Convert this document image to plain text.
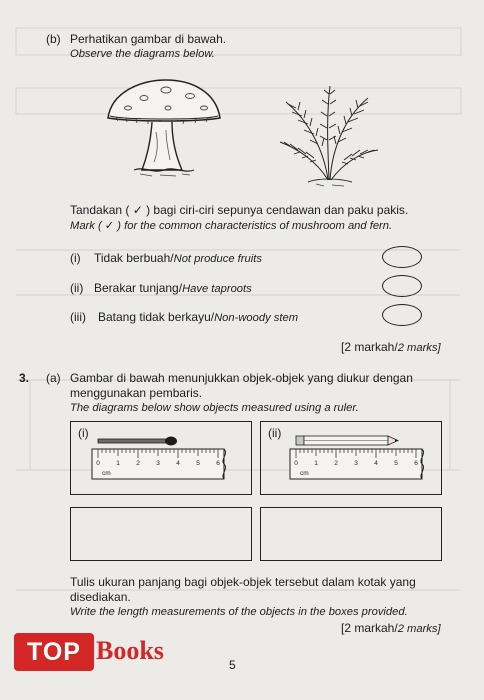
(b) Perhatikan gambar di bawah.
Observe the diagrams below.
Tandakan ( ✓ ) bagi ciri-ciri sepunya cendawan dan paku pakis.
Mark ( ✓ ) for the common characteristics of mushroom and fern.
(i) Tidak berbuah/Not produce fruits
(ii) Berakar tunjang/Have taproots
(iii) Batang tidak berkayu/Non-woody stem
[2 markah/2 marks]
3. (a) Gambar di bawah menunjukkan objek-objek yang diukur dengan
menggunakan pembaris.
The diagrams below show objects measured using a ruler.
(i)
0	1	2	3	4	5	6
cm
(ii)
0	1	2	3	4	5	6
cm
Tulis ukuran panjang bagi objek-objek tersebut dalam kotak yang
disediakan.
Write the length measurements of the objects in the boxes provided.
[2 markah/2 marks]
5
TOP Books
